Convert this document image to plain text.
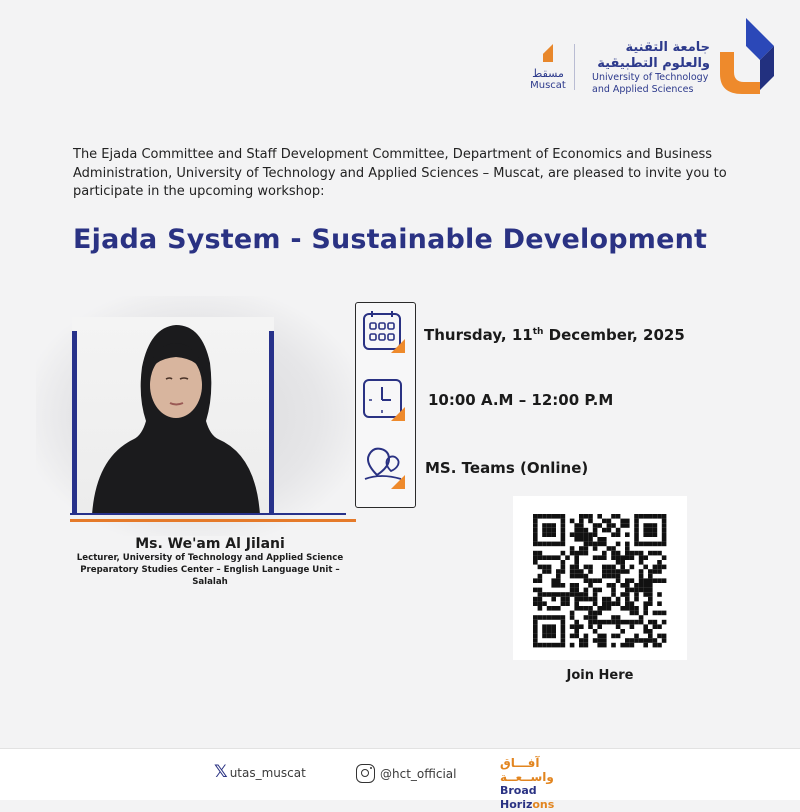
مسقط
Muscat
جامعة التقنية
والعلوم التطبيقية
University of Technology
and Applied Sciences
The Ejada Committee and Staff Development Committee, Department of Economics and Business Administration, University of Technology and Applied Sciences – Muscat, are pleased to invite you to participate in the upcoming workshop:
Ejada System - Sustainable Development
Ms. We'am Al Jilani
Lecturer, University of Technology and Applied Science
Preparatory Studies Center – English Language Unit – Salalah
Thursday, 11th December, 2025
10:00 A.M – 12:00 P.M
MS. Teams (Online)
Join Here
𝕏 utas_muscat	@hct_official
آفـــاق واســعــة
Broad Horizons
